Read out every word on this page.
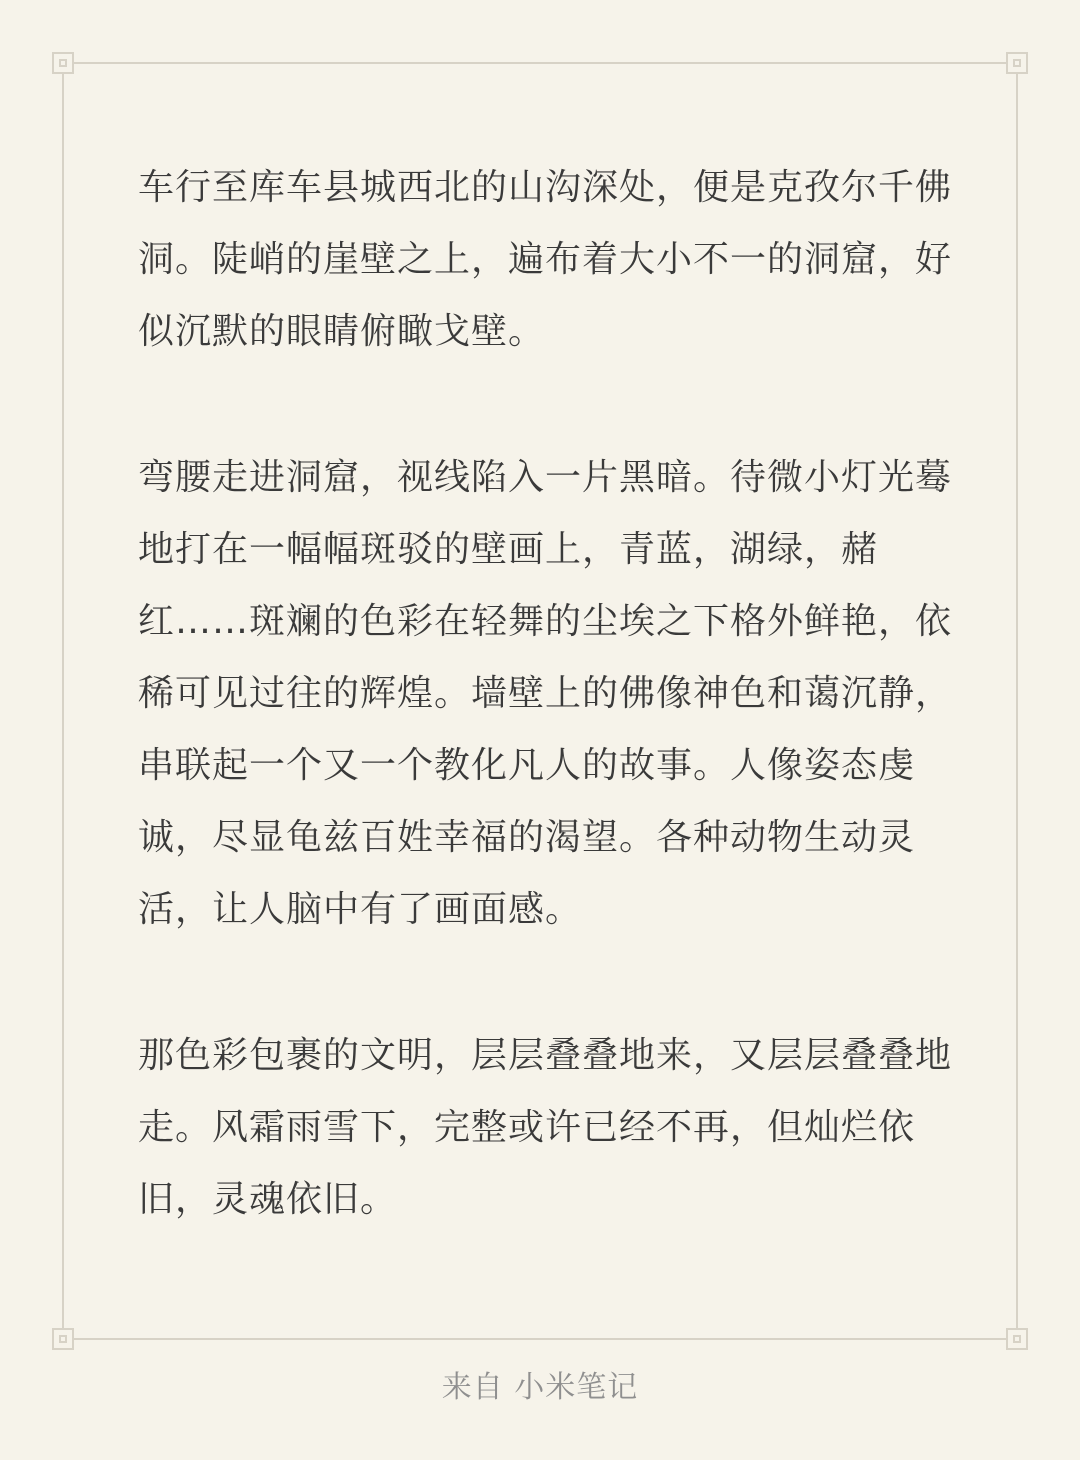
车行至库车县城西北的山沟深处，便是克孜尔千佛洞。陡峭的崖壁之上，遍布着大小不一的洞窟，好似沉默的眼睛俯瞰戈壁。

弯腰走进洞窟，视线陷入一片黑暗。待微小灯光蓦地打在一幅幅斑驳的壁画上，青蓝，湖绿，赭红……斑斓的色彩在轻舞的尘埃之下格外鲜艳，依稀可见过往的辉煌。墙壁上的佛像神色和蔼沉静，串联起一个又一个教化凡人的故事。人像姿态虔诚，尽显龟兹百姓幸福的渴望。各种动物生动灵活，让人脑中有了画面感。

那色彩包裹的文明，层层叠叠地来，又层层叠叠地走。风霜雨雪下，完整或许已经不再，但灿烂依旧，灵魂依旧。

来自 小米笔记
